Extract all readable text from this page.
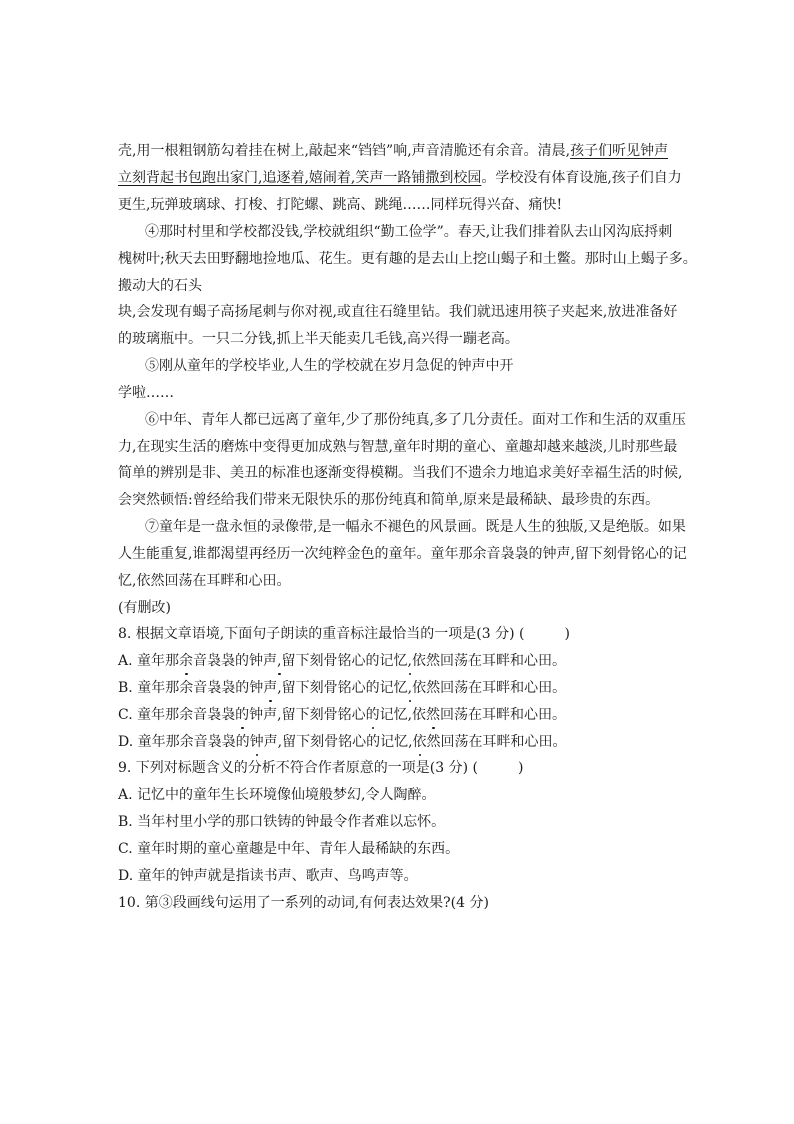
壳,用一根粗钢筋勾着挂在树上,敲起来“铛铛”响,声音清脆还有余音。清晨,孩子们听见钟声
立刻背起书包跑出家门,追逐着,嬉闹着,笑声一路铺撒到校园。学校没有体育设施,孩子们自力
更生,玩弹玻璃球、打梭、打陀螺、跳高、跳绳……同样玩得兴奋、痛快!
④那时村里和学校都没钱,学校就组织“勤工俭学”。春天,让我们排着队去山冈沟底捋刺
槐树叶;秋天去田野翻地捡地瓜、花生。更有趣的是去山上挖山蝎子和土鳖。那时山上蝎子多。
搬动大的石头
块,会发现有蝎子高扬尾刺与你对视,或直往石缝里钻。我们就迅速用筷子夹起来,放进准备好
的玻璃瓶中。一只二分钱,抓上半天能卖几毛钱,高兴得一蹦老高。
⑤刚从童年的学校毕业,人生的学校就在岁月急促的钟声中开
学啦……
⑥中年、青年人都已远离了童年,少了那份纯真,多了几分责任。面对工作和生活的双重压
力,在现实生活的磨炼中变得更加成熟与智慧,童年时期的童心、童趣却越来越淡,儿时那些最
简单的辨别是非、美丑的标准也逐渐变得模糊。当我们不遗余力地追求美好幸福生活的时候,
会突然顿悟:曾经给我们带来无限快乐的那份纯真和简单,原来是最稀缺、最珍贵的东西。
⑦童年是一盘永恒的录像带,是一幅永不褪色的风景画。既是人生的独版,又是绝版。如果
人生能重复,谁都渴望再经历一次纯粹金色的童年。童年那余音袅袅的钟声,留下刻骨铭心的记
忆,依然回荡在耳畔和心田。
(有删改)
8. 根据文章语境,下面句子朗读的重音标注最恰当的一项是(3 分) (	)
A. 童年那余音袅袅的钟声,留下刻骨铭心的记忆,依然回荡在耳畔和心田。
B. 童年那余音袅袅的钟声,留下刻骨铭心的记忆,依然回荡在耳畔和心田。
C. 童年那余音袅袅的钟声,留下刻骨铭心的记忆,依然回荡在耳畔和心田。
D. 童年那余音袅袅的钟声,留下刻骨铭心的记忆,依然回荡在耳畔和心田。
9. 下列对标题含义的分析不符合作者原意的一项是(3 分) (	)
A. 记忆中的童年生长环境像仙境般梦幻,令人陶醉。
B. 当年村里小学的那口铁铸的钟最令作者难以忘怀。
C. 童年时期的童心童趣是中年、青年人最稀缺的东西。
D. 童年的钟声就是指读书声、歌声、鸟鸣声等。
10. 第③段画线句运用了一系列的动词,有何表达效果?(4 分)
